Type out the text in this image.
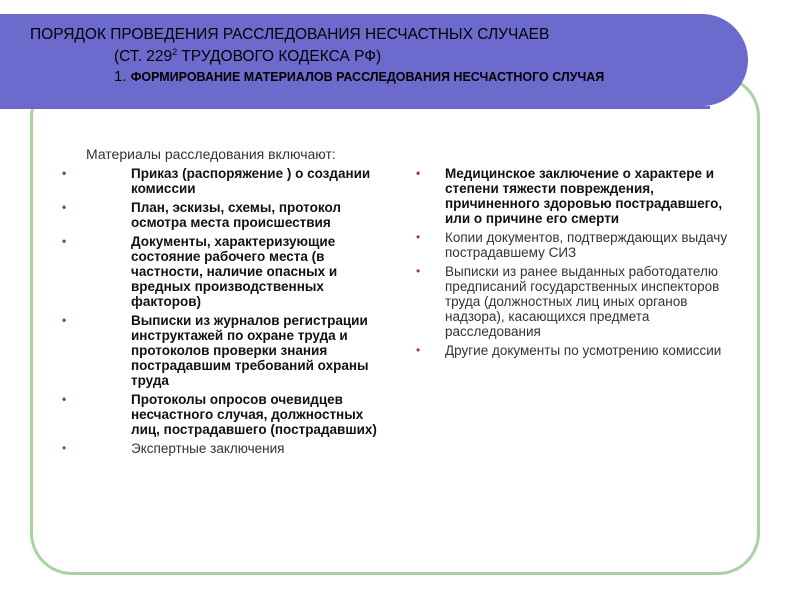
ПОРЯДОК ПРОВЕДЕНИЯ РАССЛЕДОВАНИЯ НЕСЧАСТНЫХ СЛУЧАЕВ
(СТ. $229^2$ ТРУДОВОГО КОДЕКСА РФ)
1. ФОРМИРОВАНИЕ МАТЕРИАЛОВ РАССЛЕДОВАНИЯ НЕСЧАСТНОГО СЛУЧАЯ
Материалы расследования включают:
•	Приказ (распоряжение ) о создании комиссии
•	План, эскизы, схемы, протокол осмотра места происшествия
•	Документы, характеризующие состояние рабочего места (в частности, наличие опасных и вредных производственных факторов)
•	Выписки из журналов регистрации инструктажей по охране труда и протоколов проверки знания пострадавшим требований охраны труда
•	Протоколы опросов очевидцев несчастного случая, должностных лиц, пострадавшего (пострадавших)
•	Экспертные заключения
• Медицинское заключение о характере и степени тяжести повреждения, причиненного здоровью пострадавшего, или о причине его смерти
• Копии документов, подтверждающих выдачу пострадавшему СИЗ
• Выписки из ранее выданных работодателю предписаний государственных инспекторов труда (должностных лиц иных органов надзора), касающихся предмета расследования
• Другие документы по усмотрению комиссии
